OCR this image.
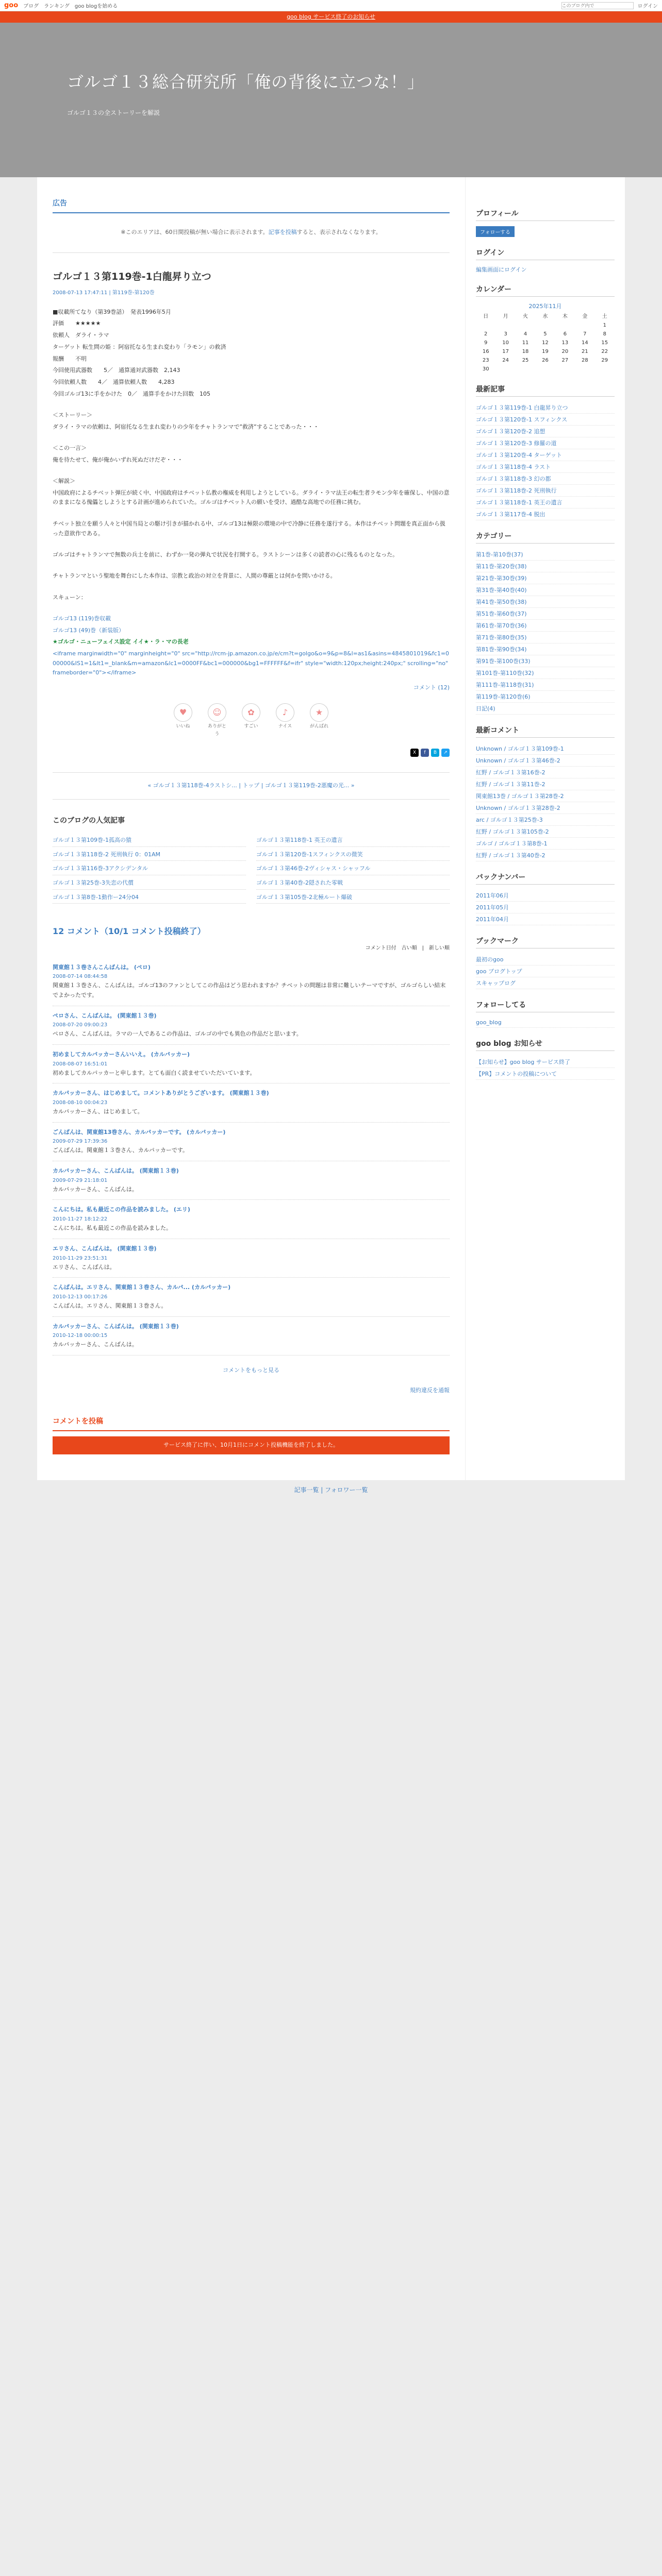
goo ブログ ランキング goo blogを始める
このブログ内で	ログイン
goo blog サービス終了のお知らせ
ゴルゴ１３総合研究所「俺の背後に立つな！」

ゴルゴ１３の全ストーリーを解説

広告
※このエリアは、60日間投稿が無い場合に表示されます。記事を投稿すると、表示されなくなります。
ゴルゴ１３第119巻-1白龍昇り立つ
2008-07-13 17:47:11 | 第119巻-第120巻

■収載所てなり（第39巻話）　発表1996年5月

評価　　★★★★★

依頼人　ダライ・ラマ

ターゲット 転生問の姫 ：阿宿托なる生まれ変わり「ラモン」の救済

報酬　　不明

今回使用武器数　　5／　通算通対武器数　2,143

今回依頼人数　　4／　通算依頼人数　　4,283

今回ゴルゴ13に手をかけた　0／　通算手をかけた回数　105

＜ストーリー＞

ダライ・ラマの依頼は、阿宿托なる生まれ変わりの少年をチャトランマで”救済”することであった・・・

＜この一言＞

俺を待たせて、俺が俺かいずれ死ぬだけだぞ・・・

＜解説＞

中国政府によるチベット弾圧が続く中、中国政府はチベット仏教の権威を利用しようとしている。ダライ・ラマ法王の転生者ラモン少年を確保し、中国の意のままになる傀儡としようとする計画が進められていた。ゴルゴはチベット人の願いを受け、過酷な高地での任務に挑む。

チベット独立を願う人々と中国当局との駆け引きが描かれる中、ゴルゴ13は極限の環境の中で冷静に任務を遂行する。本作はチベット問題を真正面から扱った意欲作である。

ゴルゴはチャトランマで無数の兵士を前に、わずか一発の弾丸で状況を打開する。ラストシーンは多くの読者の心に残るものとなった。

チャトランマという聖地を舞台にした本作は、宗教と政治の対立を背景に、人間の尊厳とは何かを問いかける。

スキューン：

ゴルゴ13 (119)巻収載

ゴルゴ13 (49)巻（新装版）

★ゴルゴ・ニューフェイス設定 イイ★・ラ・マの長老

<iframe marginwidth="0" marginheight="0" src="http://rcm-jp.amazon.co.jp/e/cm?t=golgo&o=9&p=8&l=as1&asins=4845801019&fc1=000000&IS1=1&lt1=_blank&m=amazon&lc1=0000FF&bc1=000000&bg1=FFFFFF&f=ifr" style="width:120px;height:240px;" scrolling="no" frameborder="0"></iframe>

コメント (12)
♥
いいね
☺
ありがとう
✿
すごい
♪
ナイス
★
がんばれ
X	f	B	↗
« ゴルゴ１３第118巻-4ラストシ... | トップ | ゴルゴ１３第119巻-2悪魔の光... »
このブログの人気記事
ゴルゴ１３第109巻-1孤高の猿	ゴルゴ１３第118巻-1 英王の遺言
ゴルゴ１３第118巻-2 死刑執行 0：01AM	ゴルゴ１３第120巻-1スフィンクスの微笑
ゴルゴ１３第116巻-3アクシデンタル	ゴルゴ１３第46巻-2ヴィシャス・シャッフル
ゴルゴ１３第25巻-3失恋の代償	ゴルゴ１３第40巻-2隠された零戦
ゴルゴ１３第8巻-1動作ー24分04	ゴルゴ１３第105巻-2北極ルート爆破
12 コメント（10/1 コメント投稿終了）
コメント日付　古い順　|　新しい順
関東館１３巻さんこんばんは。 (ペロ)
2008-07-14 08:44:58
関東館１３巻さん、こんばんは。ゴルゴ13のファンとしてこの作品はどう思われますか？チベットの問題は非常に難しいテーマですが、ゴルゴらしい結末でよかったです。
ペロさん、こんばんは。 (関東館１３巻)
2008-07-20 09:00:23
ペロさん、こんばんは。ラマの一人であるこの作品は、ゴルゴの中でも異色の作品だと思います。
初めましてカルパッカーさんいいえ。 (カルパッカー)
2008-08-07 16:51:01
初めましてカルパッカーと申します。とても面白く読ませていただいています。
カルパッカーさん、はじめまして。コメントありがとうございます。 (関東館１３巻)
2008-08-10 00:04:23
カルパッカーさん、はじめまして。
ごんばんは、関東館13巻さん、カルパッカーです。 (カルパッカー)
2009-07-29 17:39:36
ごんばんは。関東館１３巻さん、カルパッカーです。
カルパッカーさん、こんばんは。 (関東館１３巻)
2009-07-29 21:18:01
カルパッカーさん、こんばんは。
こんにちは。私も最近この作品を読みました。 (エリ)
2010-11-27 18:12:22
こんにちは。私も最近この作品を読みました。
エリさん、こんばんは。 (関東館１３巻)
2010-11-29 23:51:31
エリさん、こんばんは。
こんばんは。エリさん、関東館１３巻さん、カルパ... (カルパッカー)
2010-12-13 00:17:26
こんばんは。エリさん、関東館１３巻さん。
カルパッカーさん、こんばんは。 (関東館１３巻)
2010-12-18 00:00:15
カルパッカーさん、こんばんは。
コメントをもっと見る
規約違反を通報
コメントを投稿
サービス終了に伴い、10月1日にコメント投稿機能を終了しました。
プロフィール
フォローする
ログイン
編集画面にログイン
カレンダー
2025年11月
日	月	火	水	木	金	土
						1
2	3	4	5	6	7	8
9	10	11	12	13	14	15
16	17	18	19	20	21	22
23	24	25	26	27	28	29
30						
最新記事
ゴルゴ１３第119巻-1 白龍昇り立つ
ゴルゴ１３第120巻-1 スフィンクス
ゴルゴ１３第120巻-2 追想
ゴルゴ１３第120巻-3 修羅の道
ゴルゴ１３第120巻-4 ターゲット
ゴルゴ１３第118巻-4 ラスト
ゴルゴ１３第118巻-3 幻の都
ゴルゴ１３第118巻-2 死刑執行
ゴルゴ１３第118巻-1 英王の遺言
ゴルゴ１３第117巻-4 脱出
カテゴリー
第1巻-第10巻(37)
第11巻-第20巻(38)
第21巻-第30巻(39)
第31巻-第40巻(40)
第41巻-第50巻(38)
第51巻-第60巻(37)
第61巻-第70巻(36)
第71巻-第80巻(35)
第81巻-第90巻(34)
第91巻-第100巻(33)
第101巻-第110巻(32)
第111巻-第118巻(31)
第119巻-第120巻(6)
日記(4)
最新コメント
Unknown / ゴルゴ１３第109巻-1
Unknown / ゴルゴ１３第46巻-2
紅野 / ゴルゴ１３第16巻-2
紅野 / ゴルゴ１３第11巻-2
関東館13巻 / ゴルゴ１３第28巻-2
Unknown / ゴルゴ１３第28巻-2
arc / ゴルゴ１３第25巻-3
紅野 / ゴルゴ１３第105巻-2
ゴルゴ / ゴルゴ１３第8巻-1
紅野 / ゴルゴ１３第40巻-2
バックナンバー
2011年06月
2011年05月
2011年04月
ブックマーク
最初のgoo
goo ブログトップ
スキャップログ
フォローしてる
goo_blog
goo blog お知らせ
【お知らせ】goo blog サービス終了
【PR】コメントの投稿について
記事一覧 | フォロワー一覧
